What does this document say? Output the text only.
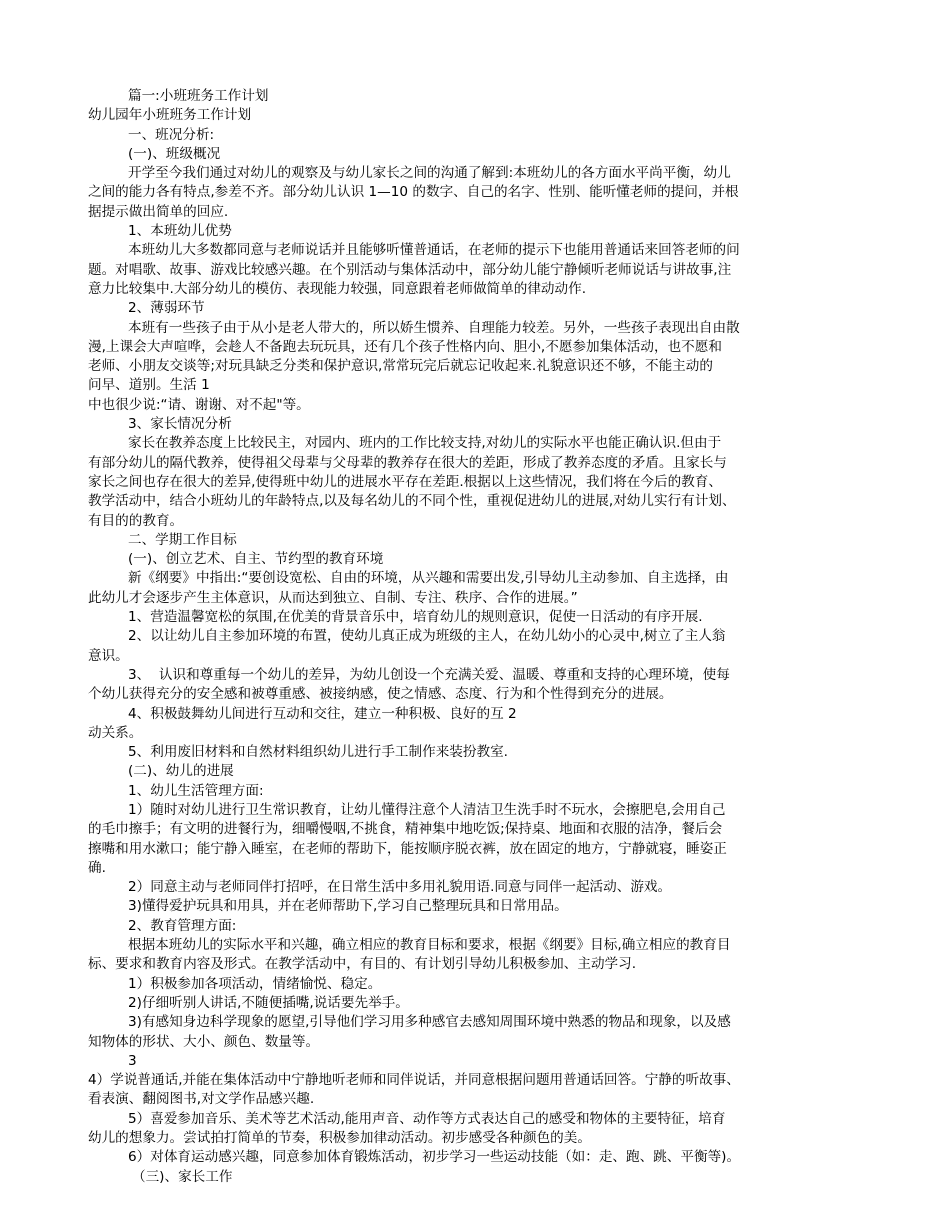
篇一:小班班务工作计划
幼儿园年小班班务工作计划
一、班况分析:
(一)、班级概况
开学至今我们通过对幼儿的观察及与幼儿家长之间的沟通了解到:本班幼儿的各方面水平尚平衡，幼儿
之间的能力各有特点,参差不齐。部分幼儿认识 1—10 的数字、自己的名字、性别、能听懂老师的提问，并根
据提示做出简单的回应.
1、本班幼儿优势
本班幼儿大多数都同意与老师说话并且能够听懂普通话，在老师的提示下也能用普通话来回答老师的问
题。对唱歌、故事、游戏比较感兴趣。在个别活动与集体活动中，部分幼儿能宁静倾听老师说话与讲故事,注
意力比较集中.大部分幼儿的模仿、表现能力较强，同意跟着老师做简单的律动动作.
2、薄弱环节
本班有一些孩子由于从小是老人带大的，所以娇生惯养、自理能力较差。另外，一些孩子表现出自由散
漫,上课会大声喧哗，会趁人不备跑去玩玩具，还有几个孩子性格内向、胆小,不愿参加集体活动，也不愿和
老师、小朋友交谈等;对玩具缺乏分类和保护意识,常常玩完后就忘记收起来.礼貌意识还不够，不能主动的
问早、道别。生活 1
中也很少说:“请、谢谢、对不起"等。
3、家长情况分析
家长在教养态度上比较民主，对园内、班内的工作比较支持,对幼儿的实际水平也能正确认识.但由于
有部分幼儿的隔代教养，使得祖父母辈与父母辈的教养存在很大的差距，形成了教养态度的矛盾。且家长与
家长之间也存在很大的差异,使得班中幼儿的进展水平存在差距.根据以上这些情况，我们将在今后的教育、
教学活动中，结合小班幼儿的年龄特点,以及每名幼儿的不同个性，重视促进幼儿的进展,对幼儿实行有计划、
有目的的教育。
二、学期工作目标
(一)、创立艺术、自主、节约型的教育环境
新《纲要》中指出:“要创设宽松、自由的环境，从兴趣和需要出发,引导幼儿主动参加、自主选择，由
此幼儿才会逐步产生主体意识，从而达到独立、自制、专注、秩序、合作的进展。”
1、营造温馨宽松的氛围,在优美的背景音乐中，培育幼儿的规则意识，促使一日活动的有序开展.
2、以让幼儿自主参加环境的布置，使幼儿真正成为班级的主人，在幼儿幼小的心灵中,树立了主人翁
意识。
3、  认识和尊重每一个幼儿的差异，为幼儿创设一个充满关爱、温暖、尊重和支持的心理环境，使每
个幼儿获得充分的安全感和被尊重感、被接纳感，使之情感、态度、行为和个性得到充分的进展。
4、积极鼓舞幼儿间进行互动和交往，建立一种积极、良好的互 2
动关系。
5、利用废旧材料和自然材料组织幼儿进行手工制作来装扮教室.
(二)、幼儿的进展
1、幼儿生活管理方面:
1）随时对幼儿进行卫生常识教育，让幼儿懂得注意个人清洁卫生洗手时不玩水，会擦肥皂,会用自己
的毛巾擦手；有文明的进餐行为，细嚼慢咽,不挑食，精神集中地吃饭;保持桌、地面和衣服的洁净，餐后会
擦嘴和用水漱口；能宁静入睡室，在老师的帮助下，能按顺序脱衣裤，放在固定的地方，宁静就寝，睡姿正
确.
2）同意主动与老师同伴打招呼，在日常生活中多用礼貌用语.同意与同伴一起活动、游戏。
3)懂得爱护玩具和用具，并在老师帮助下,学习自己整理玩具和日常用品。
2、教育管理方面:
根据本班幼儿的实际水平和兴趣，确立相应的教育目标和要求，根据《纲要》目标,确立相应的教育目
标、要求和教育内容及形式。在教学活动中，有目的、有计划引导幼儿积极参加、主动学习.
1）积极参加各项活动，情绪愉悦、稳定。
2)仔细听别人讲话,不随便插嘴,说话要先举手。
3)有感知身边科学现象的愿望,引导他们学习用多种感官去感知周围环境中熟悉的物品和现象，以及感
知物体的形状、大小、颜色、数量等。
3
4）学说普通话,并能在集体活动中宁静地听老师和同伴说话，并同意根据问题用普通话回答。宁静的听故事、
看表演、翻阅图书,对文学作品感兴趣.
5）喜爱参加音乐、美术等艺术活动,能用声音、动作等方式表达自己的感受和物体的主要特征，培育
幼儿的想象力。尝试拍打简单的节奏，积极参加律动活动。初步感受各种颜色的美。
6）对体育运动感兴趣，同意参加体育锻炼活动，初步学习一些运动技能（如：走、跑、跳、平衡等)。
（三)、家长工作
